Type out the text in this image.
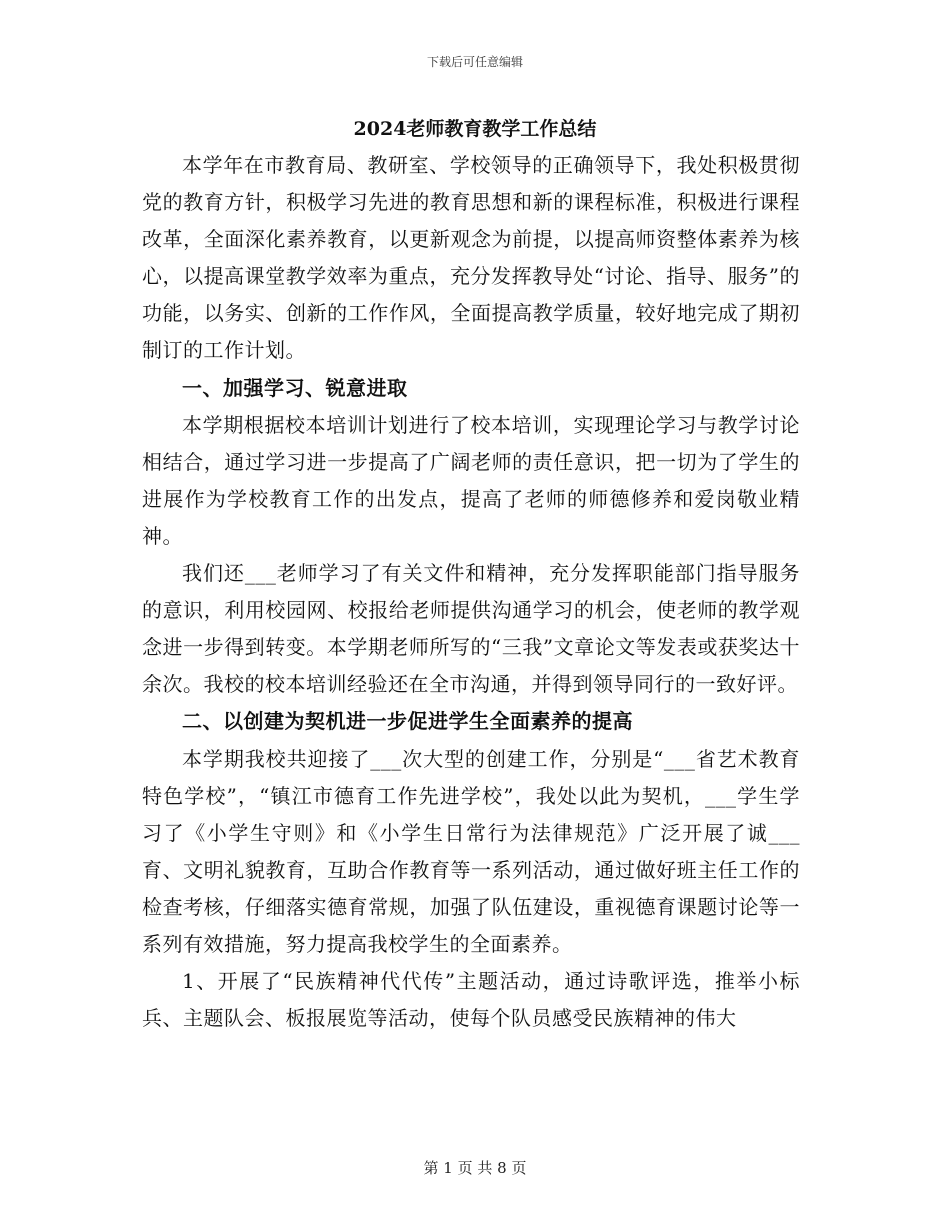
下载后可任意编辑
2024老师教育教学工作总结

本学年在市教育局、教研室、学校领导的正确领导下，我处积极贯彻党的教育方针，积极学习先进的教育思想和新的课程标准，积极进行课程改革，全面深化素养教育，以更新观念为前提，以提高师资整体素养为核心，以提高课堂教学效率为重点，充分发挥教导处“讨论、指导、服务”的功能，以务实、创新的工作作风，全面提高教学质量，较好地完成了期初制订的工作计划。

一、加强学习、锐意进取

本学期根据校本培训计划进行了校本培训，实现理论学习与教学讨论相结合，通过学习进一步提高了广阔老师的责任意识，把一切为了学生的进展作为学校教育工作的出发点，提高了老师的师德修养和爱岗敬业精神。

我们还___老师学习了有关文件和精神，充分发挥职能部门指导服务的意识，利用校园网、校报给老师提供沟通学习的机会，使老师的教学观念进一步得到转变。本学期老师所写的“三我”文章论文等发表或获奖达十余次。我校的校本培训经验还在全市沟通，并得到领导同行的一致好评。

二、以创建为契机进一步促进学生全面素养的提高

本学期我校共迎接了___次大型的创建工作，分别是“___省艺术教育特色学校”，“镇江市德育工作先进学校”，我处以此为契机，___学生学习了《小学生守则》和《小学生日常行为法律规范》广泛开展了诚___育、文明礼貌教育，互助合作教育等一系列活动，通过做好班主任工作的检查考核，仔细落实德育常规，加强了队伍建设，重视德育课题讨论等一系列有效措施，努力提高我校学生的全面素养。

1、开展了“民族精神代代传”主题活动，通过诗歌评选，推举小标兵、主题队会、板报展览等活动，使每个队员感受民族精神的伟大

第 1 页 共 8 页
